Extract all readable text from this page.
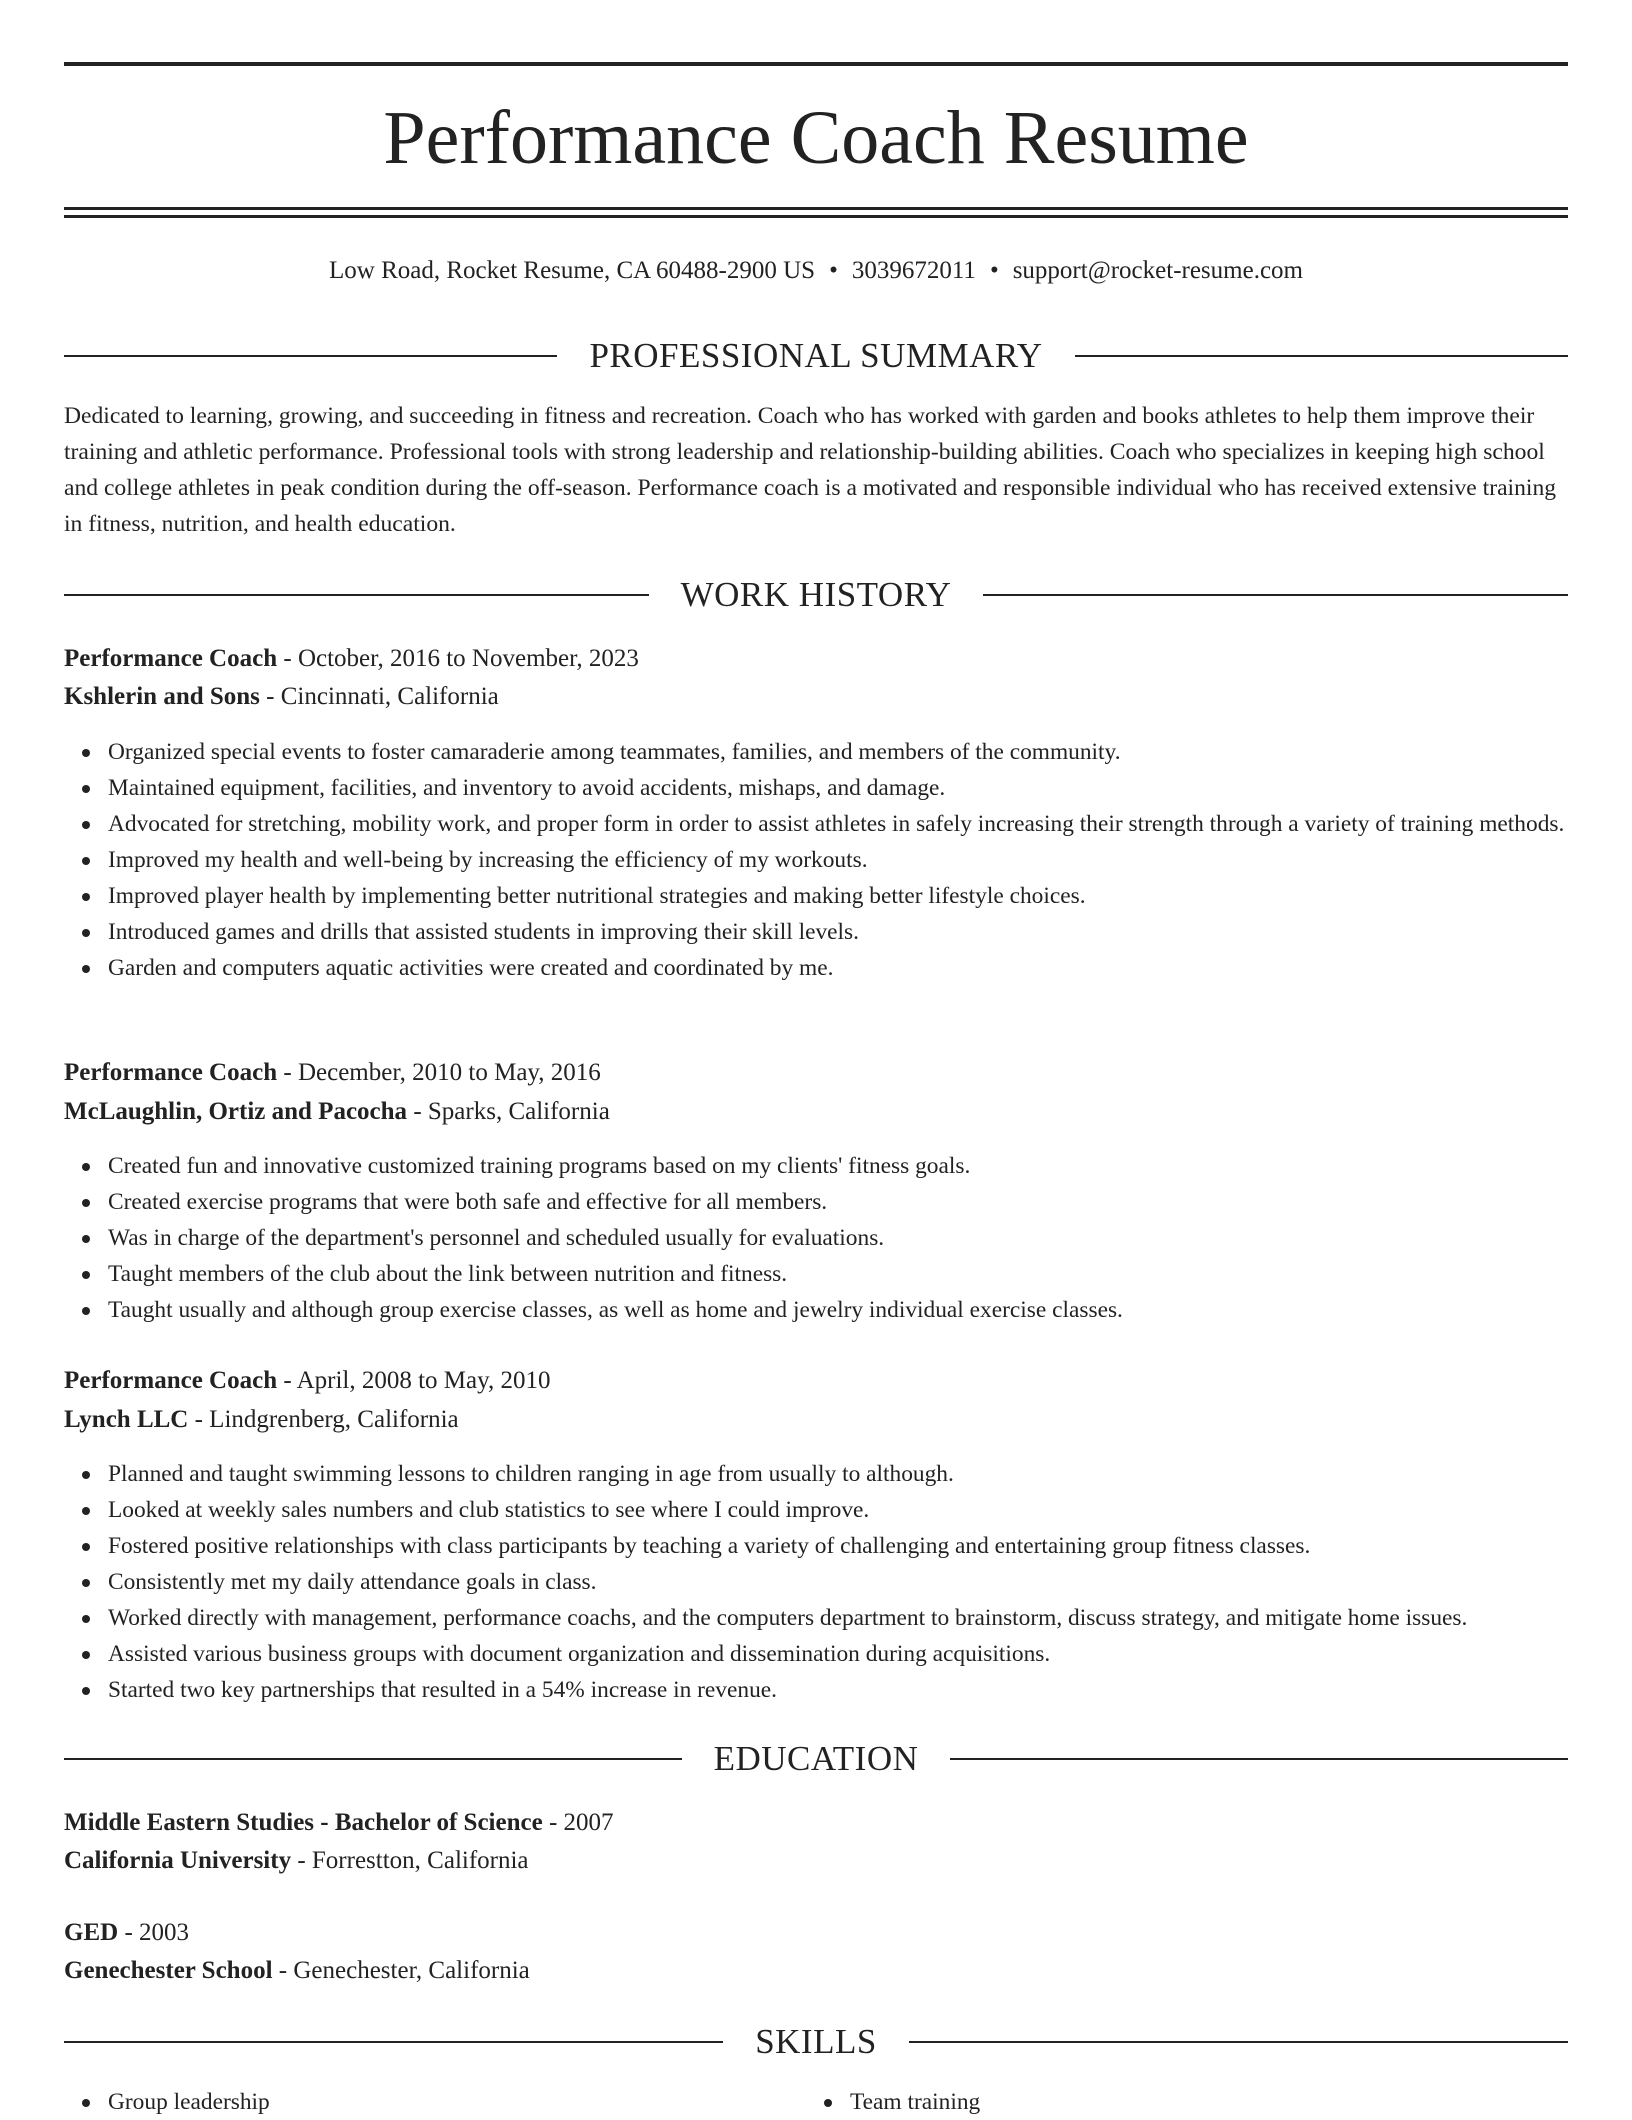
Performance Coach Resume
Low Road, Rocket Resume, CA 60488-2900 US • 3039672011 • support@rocket-resume.com
PROFESSIONAL SUMMARY

Dedicated to learning, growing, and succeeding in fitness and recreation. Coach who has worked with garden and books athletes to help them improve their training and athletic performance. Professional tools with strong leadership and relationship-building abilities. Coach who specializes in keeping high school and college athletes in peak condition during the off-season. Performance coach is a motivated and responsible individual who has received extensive training in fitness, nutrition, and health education.

WORK HISTORY
Performance Coach - October, 2016 to November, 2023
Kshlerin and Sons - Cincinnati, California
Organized special events to foster camaraderie among teammates, families, and members of the community.
Maintained equipment, facilities, and inventory to avoid accidents, mishaps, and damage.
Advocated for stretching, mobility work, and proper form in order to assist athletes in safely increasing their strength through a variety of training methods.
Improved my health and well-being by increasing the efficiency of my workouts.
Improved player health by implementing better nutritional strategies and making better lifestyle choices.
Introduced games and drills that assisted students in improving their skill levels.
Garden and computers aquatic activities were created and coordinated by me.
Performance Coach - December, 2010 to May, 2016
McLaughlin, Ortiz and Pacocha - Sparks, California
Created fun and innovative customized training programs based on my clients' fitness goals.
Created exercise programs that were both safe and effective for all members.
Was in charge of the department's personnel and scheduled usually for evaluations.
Taught members of the club about the link between nutrition and fitness.
Taught usually and although group exercise classes, as well as home and jewelry individual exercise classes.
Performance Coach - April, 2008 to May, 2010
Lynch LLC - Lindgrenberg, California
Planned and taught swimming lessons to children ranging in age from usually to although.
Looked at weekly sales numbers and club statistics to see where I could improve.
Fostered positive relationships with class participants by teaching a variety of challenging and entertaining group fitness classes.
Consistently met my daily attendance goals in class.
Worked directly with management, performance coachs, and the computers department to brainstorm, discuss strategy, and mitigate home issues.
Assisted various business groups with document organization and dissemination during acquisitions.
Started two key partnerships that resulted in a 54% increase in revenue.
EDUCATION
Middle Eastern Studies - Bachelor of Science - 2007
California University - Forrestton, California
GED - 2003
Genechester School - Genechester, California
SKILLS
Group leadership	Team training
